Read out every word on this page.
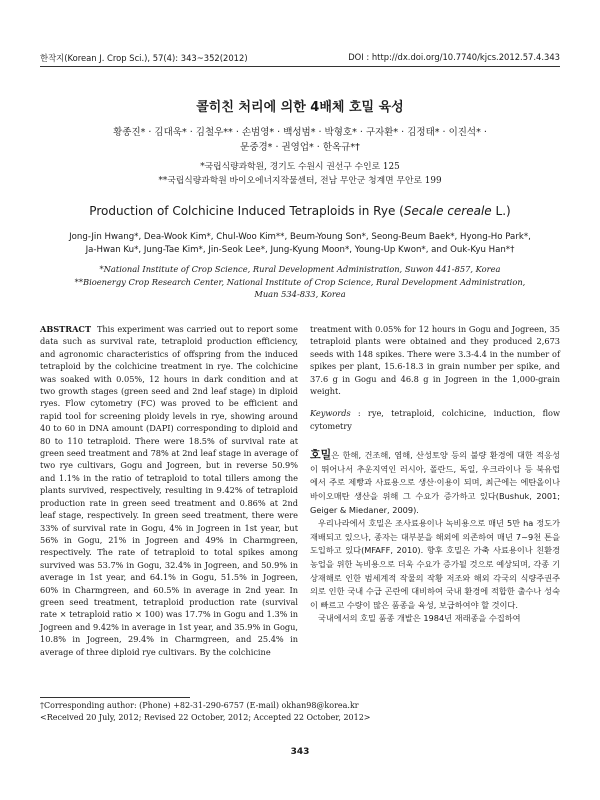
한작지(Korean J. Crop Sci.), 57(4): 343~352(2012)	DOI : http://dx.doi.org/10.7740/kjcs.2012.57.4.343
콜히친 처리에 의한 4배체 호밀 육성
황종진* · 김대욱* · 김철우** · 손범영* · 백성범* · 박형호* · 구자환* · 김정태* · 이진석* ·
문중경* · 권영업* · 한옥규*†
*국립식량과학원, 경기도 수원시 권선구 수인로 125
**국립식량과학원 바이오에너지작물센터, 전남 무안군 청계면 무안로 199
Production of Colchicine Induced Tetraploids in Rye (Secale cereale L.)
Jong-Jin Hwang*, Dea-Wook Kim*, Chul-Woo Kim**, Beum-Young Son*, Seong-Beum Baek*, Hyong-Ho Park*,
Ja-Hwan Ku*, Jung-Tae Kim*, Jin-Seok Lee*, Jung-Kyung Moon*, Young-Up Kwon*, and Ouk-Kyu Han*†
*National Institute of Crop Science, Rural Development Administration, Suwon 441-857, Korea
**Bioenergy Crop Research Center, National Institute of Crop Science, Rural Development Administration,
Muan 534-833, Korea
ABSTRACT This experiment was carried out to report some data such as survival rate, tetraploid production efficiency, and agronomic characteristics of offspring from the induced tetraploid by the colchicine treatment in rye. The colchicine was soaked with 0.05%, 12 hours in dark condition and at two growth stages (green seed and 2nd leaf stage) in diploid ryes. Flow cytometry (FC) was proved to be efficient and rapid tool for screening ploidy levels in rye, showing around 40 to 60 in DNA amount (DAPI) corresponding to diploid and 80 to 110 tetraploid. There were 18.5% of survival rate at green seed treatment and 78% at 2nd leaf stage in average of two rye cultivars, Gogu and Jogreen, but in reverse 50.9% and 1.1% in the ratio of tetraploid to total tillers among the plants survived, respectively, resulting in 9.42% of tetraploid production rate in green seed treatment and 0.86% at 2nd leaf stage, respectively. In green seed treatment, there were 33% of survival rate in Gogu, 4% in Jogreen in 1st year, but 56% in Gogu, 21% in Jogreen and 49% in Charmgreen, respectively. The rate of tetraploid to total spikes among survived was 53.7% in Gogu, 32.4% in Jogreen, and 50.9% in average in 1st year, and 64.1% in Gogu, 51.5% in Jogreen, 60% in Charmgreen, and 60.5% in average in 2nd year. In green seed treatment, tetraploid production rate (survival rate × tetraploid ratio × 100) was 17.7% in Gogu and 1.3% in Jogreen and 9.42% in average in 1st year, and 35.9% in Gogu, 10.8% in Jogreen, 29.4% in Charmgreen, and 25.4% in average of three diploid rye cultivars. By the colchicine
treatment with 0.05% for 12 hours in Gogu and Jogreen, 35 tetraploid plants were obtained and they produced 2,673 seeds with 148 spikes. There were 3.3-4.4 in the number of spikes per plant, 15.6-18.3 in grain number per spike, and 37.6 g in Gogu and 46.8 g in Jogreen in the 1,000-grain weight.
Keywords : rye, tetraploid, colchicine, induction, flow cytometry

호밀은 한해, 건조해, 염해, 산성토양 등의 불량 환경에 대한 적응성이 뛰어나서 추운지역인 러시아, 폴란드, 독일, 우크라이나 등 북유럽에서 주로 제빵과 사료용으로 생산·이용이 되며, 최근에는 에탄올이나 바이오매탄 생산을 위해 그 수요가 증가하고 있다(Bushuk, 2001; Geiger & Miedaner, 2009).

우리나라에서 호밀은 조사료용이나 녹비용으로 매년 5만 ha 정도가 재배되고 있으나, 종자는 대부분을 해외에 의존하여 매년 7~9천 톤을 도입하고 있다(MFAFF, 2010). 향후 호밀은 가축 사료용이나 친환경농업을 위한 녹비용으로 더욱 수요가 증가될 것으로 예상되며, 각종 기상재해로 인한 범세계적 작물의 작황 저조와 해외 각국의 식량주권주의로 인한 국내 수급 곤란에 대비하여 국내 환경에 적합한 출수나 성숙이 빠르고 수량이 많은 품종을 육성, 보급하여야 할 것이다.

국내에서의 호밀 품종 개발은 1984년 재래종을 수집하여

†Corresponding author: (Phone) +82-31-290-6757 (E-mail) okhan98@korea.kr
<Received 20 July, 2012; Revised 22 October, 2012; Accepted 22 October, 2012>
343
